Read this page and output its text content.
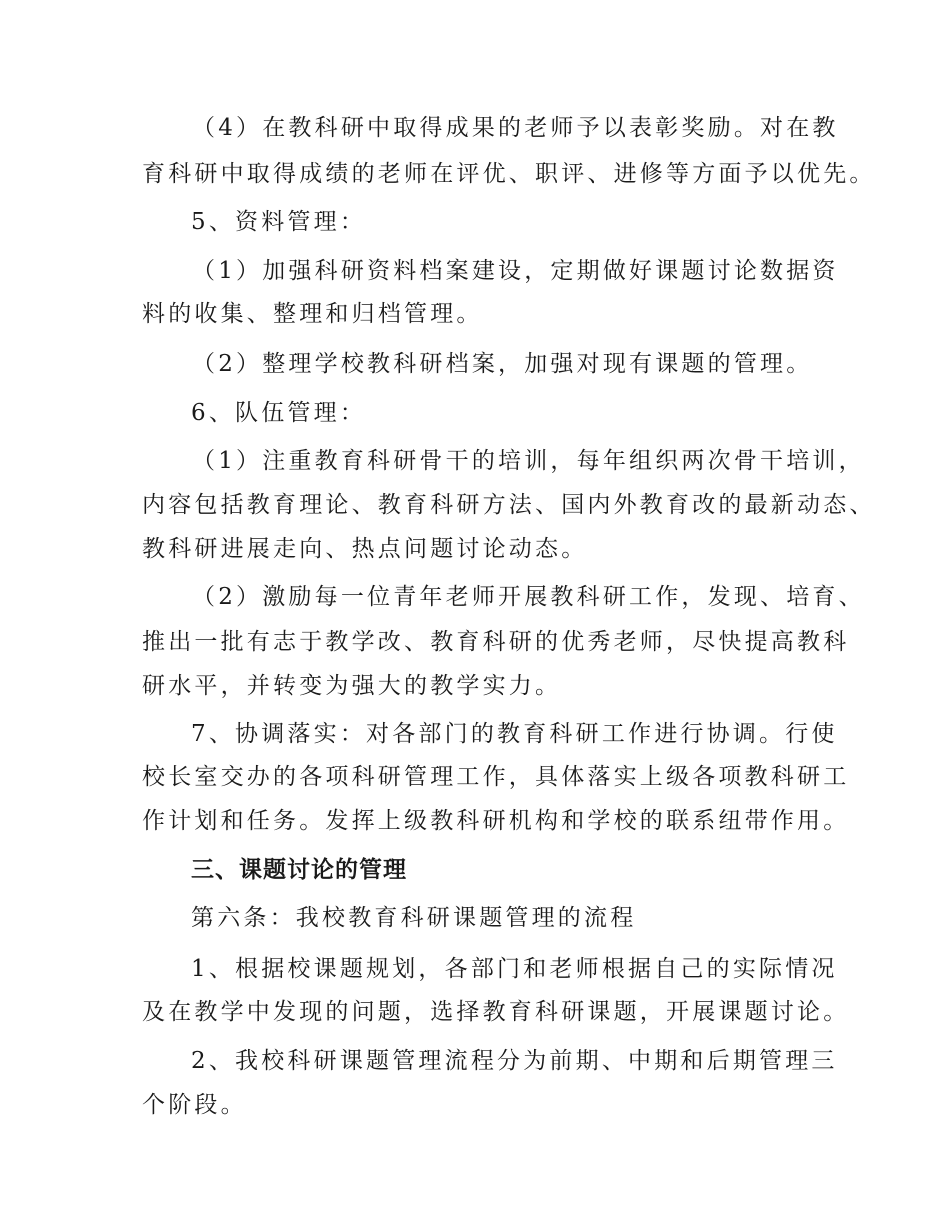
（4）在教科研中取得成果的老师予以表彰奖励。对在教
育科研中取得成绩的老师在评优、职评、进修等方面予以优先。
5、资料管理：
（1）加强科研资料档案建设，定期做好课题讨论数据资
料的收集、整理和归档管理。
（2）整理学校教科研档案，加强对现有课题的管理。
6、队伍管理：
（1）注重教育科研骨干的培训，每年组织两次骨干培训，
内容包括教育理论、教育科研方法、国内外教育改的最新动态、
教科研进展走向、热点问题讨论动态。
（2）激励每一位青年老师开展教科研工作，发现、培育、
推出一批有志于教学改、教育科研的优秀老师，尽快提高教科
研水平，并转变为强大的教学实力。
7、协调落实：对各部门的教育科研工作进行协调。行使
校长室交办的各项科研管理工作，具体落实上级各项教科研工
作计划和任务。发挥上级教科研机构和学校的联系纽带作用。
三、课题讨论的管理
第六条：我校教育科研课题管理的流程
1、根据校课题规划，各部门和老师根据自己的实际情况
及在教学中发现的问题，选择教育科研课题，开展课题讨论。
2、我校科研课题管理流程分为前期、中期和后期管理三
个阶段。
